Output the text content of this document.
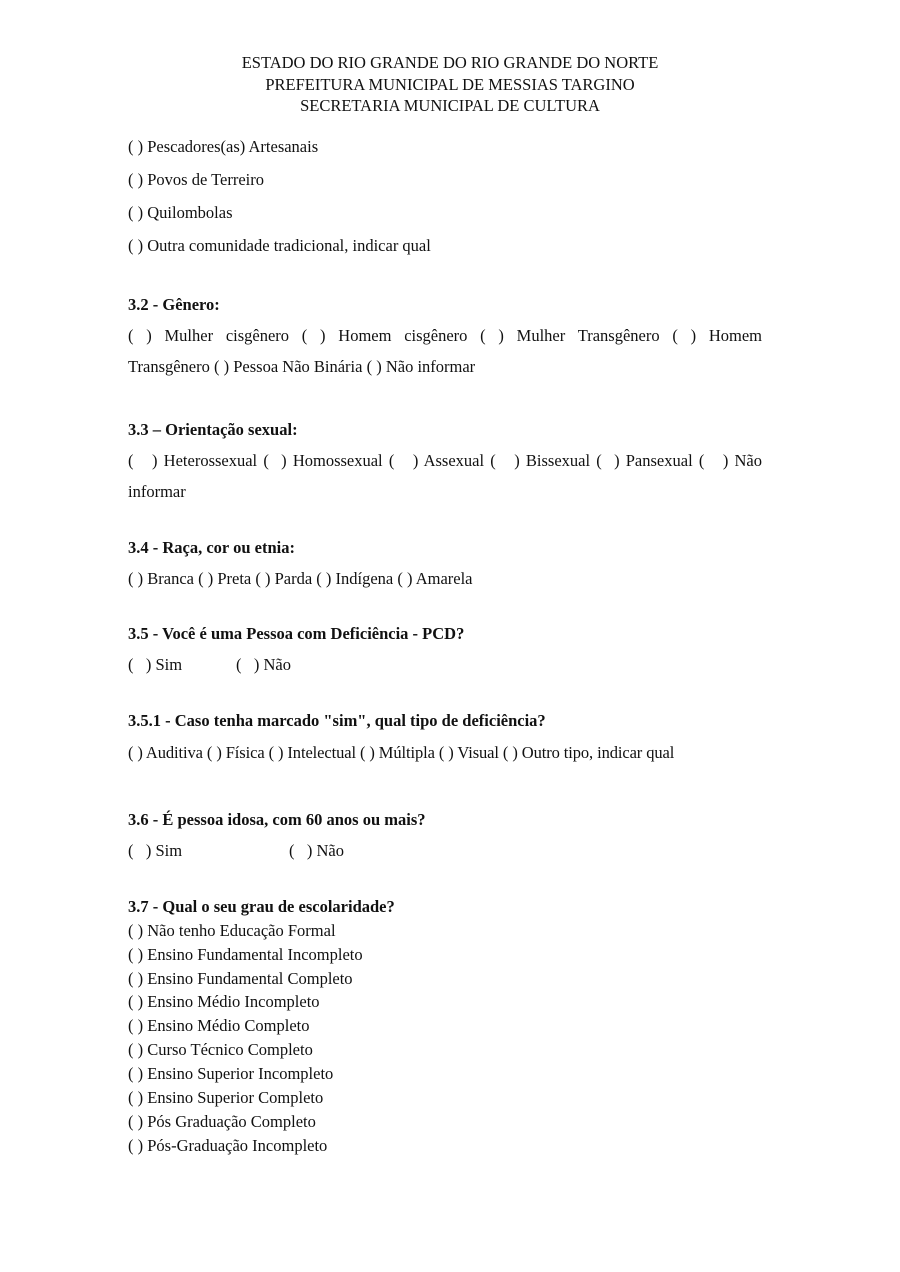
ESTADO DO RIO GRANDE DO RIO GRANDE DO NORTE
PREFEITURA MUNICIPAL DE MESSIAS TARGINO
SECRETARIA MUNICIPAL DE CULTURA
( ) Pescadores(as) Artesanais
( ) Povos de Terreiro
( ) Quilombolas
( ) Outra comunidade tradicional, indicar qual
3.2 - Gênero:
( ) Mulher cisgênero ( ) Homem cisgênero ( ) Mulher Transgênero ( ) Homem
Transgênero ( ) Pessoa Não Binária ( ) Não informar
3.3 – Orientação sexual:
(   ) Heterossexual (  ) Homossexual (   ) Assexual (   ) Bissexual (  ) Pansexual (   ) Não
informar
3.4 - Raça, cor ou etnia:
( ) Branca ( ) Preta ( ) Parda ( ) Indígena ( ) Amarela
3.5 - Você é uma Pessoa com Deficiência - PCD?
(   ) Sim	(   ) Não
3.5.1 - Caso tenha marcado "sim", qual tipo de deficiência?
( ) Auditiva ( ) Física ( ) Intelectual ( ) Múltipla ( ) Visual ( ) Outro tipo, indicar qual
3.6 - É pessoa idosa, com 60 anos ou mais?
(   ) Sim	(   ) Não
3.7 - Qual o seu grau de escolaridade?
( ) Não tenho Educação Formal
( ) Ensino Fundamental Incompleto
( ) Ensino Fundamental Completo
( ) Ensino Médio Incompleto
( ) Ensino Médio Completo
( ) Curso Técnico Completo
( ) Ensino Superior Incompleto
( ) Ensino Superior Completo
( ) Pós Graduação Completo
( ) Pós-Graduação Incompleto
